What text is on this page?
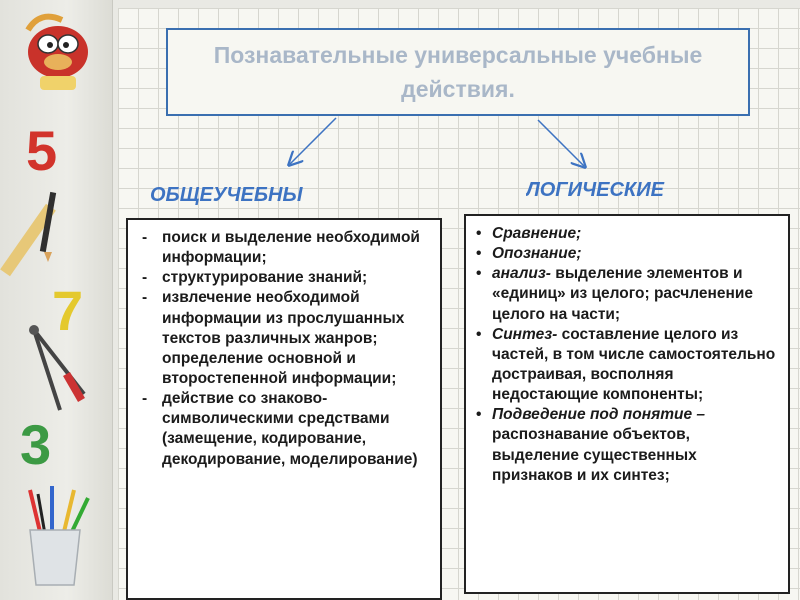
5
7
3
Познавательные универсальные учебные действия.
ОБЩЕУЧЕБНЫ	ЛОГИЧЕСКИЕ
- поиск и выделение необходимой информации;
- структурирование знаний;
- извлечение необходимой информации из прослушанных текстов различных жанров; определение основной и второстепенной информации;
- действие со знаково-символическими средствами (замещение, кодирование, декодирование, моделирование)
• Сравнение;
• Опознание;
• анализ- выделение элементов и «единиц» из целого; расчленение целого на части;
• Синтез- составление целого из частей, в том числе самостоятельно достраивая, восполняя недостающие компоненты;
• Подведение под понятие – распознавание объектов, выделение существенных признаков и их синтез;
